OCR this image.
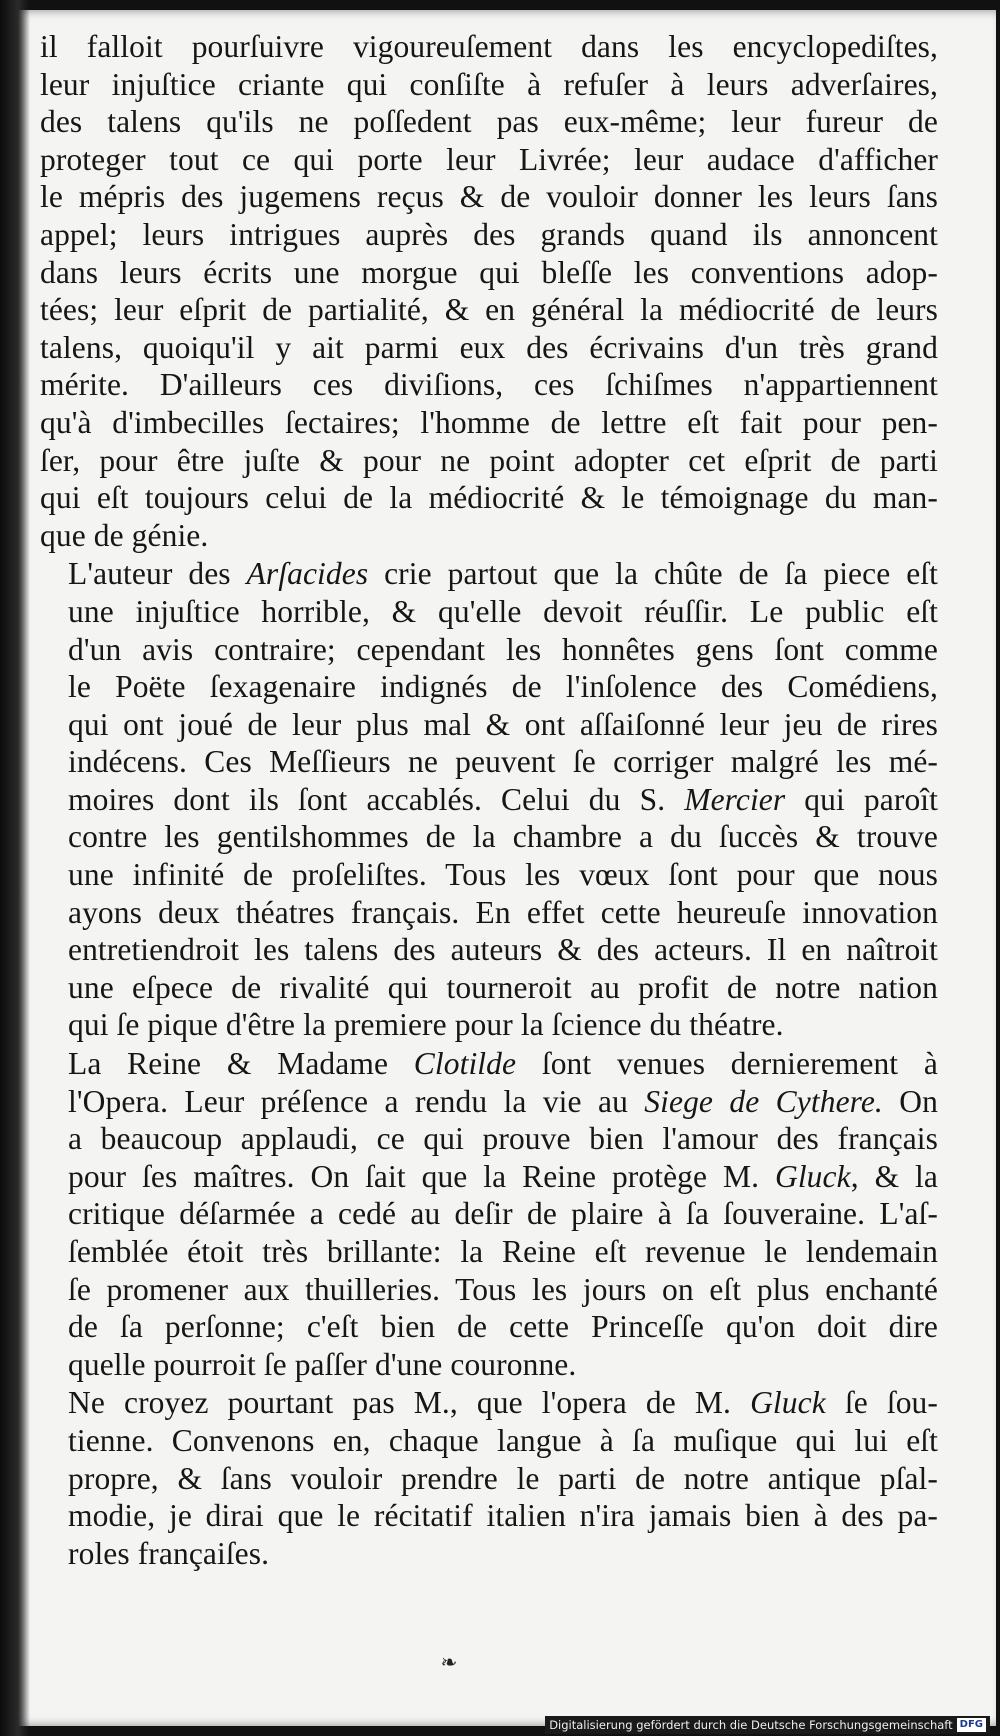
il falloit pourſuivre vigoureuſement dans les encyclopediſtes,
leur injuſtice criante qui conſiſte à refuſer à leurs adverſaires,
des talens qu'ils ne poſſedent pas eux-même; leur fureur de
proteger tout ce qui porte leur Livrée; leur audace d'afficher
le mépris des jugemens reçus & de vouloir donner les leurs ſans
appel; leurs intrigues auprès des grands quand ils annoncent
dans leurs écrits une morgue qui bleſſe les conventions adop-
tées; leur eſprit de partialité, & en général la médiocrité de leurs
talens, quoiqu'il y ait parmi eux des écrivains d'un très grand
mérite. D'ailleurs ces diviſions, ces ſchiſmes n'appartiennent
qu'à d'imbecilles ſectaires; l'homme de lettre eſt fait pour pen-
ſer, pour être juſte & pour ne point adopter cet eſprit de parti
qui eſt toujours celui de la médiocrité & le témoignage du man-
que de génie.

L'auteur des Arſacides crie partout que la chûte de ſa piece eſt
une injuſtice horrible, & qu'elle devoit réuſſir. Le public eſt
d'un avis contraire; cependant les honnêtes gens ſont comme
le Poëte ſexagenaire indignés de l'inſolence des Comédiens,
qui ont joué de leur plus mal & ont aſſaiſonné leur jeu de rires
indécens. Ces Meſſieurs ne peuvent ſe corriger malgré les mé-
moires dont ils ſont accablés. Celui du S. Mercier qui paroît
contre les gentilshommes de la chambre a du ſuccès & trouve
une infinité de proſeliſtes. Tous les vœux ſont pour que nous
ayons deux théatres français. En effet cette heureuſe innovation
entretiendroit les talens des auteurs & des acteurs. Il en naîtroit
une eſpece de rivalité qui tourneroit au profit de notre nation
qui ſe pique d'être la premiere pour la ſcience du théatre.

La Reine & Madame Clotilde ſont venues dernierement à
l'Opera. Leur préſence a rendu la vie au Siege de Cythere. On
a beaucoup applaudi, ce qui prouve bien l'amour des français
pour ſes maîtres. On ſait que la Reine protège M. Gluck, & la
critique déſarmée a cedé au deſir de plaire à ſa ſouveraine. L'aſ-
ſemblée étoit très brillante: la Reine eſt revenue le lendemain
ſe promener aux thuilleries. Tous les jours on eſt plus enchanté
de ſa perſonne; c'eſt bien de cette Princeſſe qu'on doit dire
quelle pourroit ſe paſſer d'une couronne.

Ne croyez pourtant pas M., que l'opera de M. Gluck ſe ſou-
tienne. Convenons en, chaque langue à ſa muſique qui lui eſt
propre, & ſans vouloir prendre le parti de notre antique pſal-
modie, je dirai que le récitatif italien n'ira jamais bien à des pa-
roles françaiſes.

❧
Digitalisierung gefördert durch die Deutsche Forschungsgemeinschaft DFG
